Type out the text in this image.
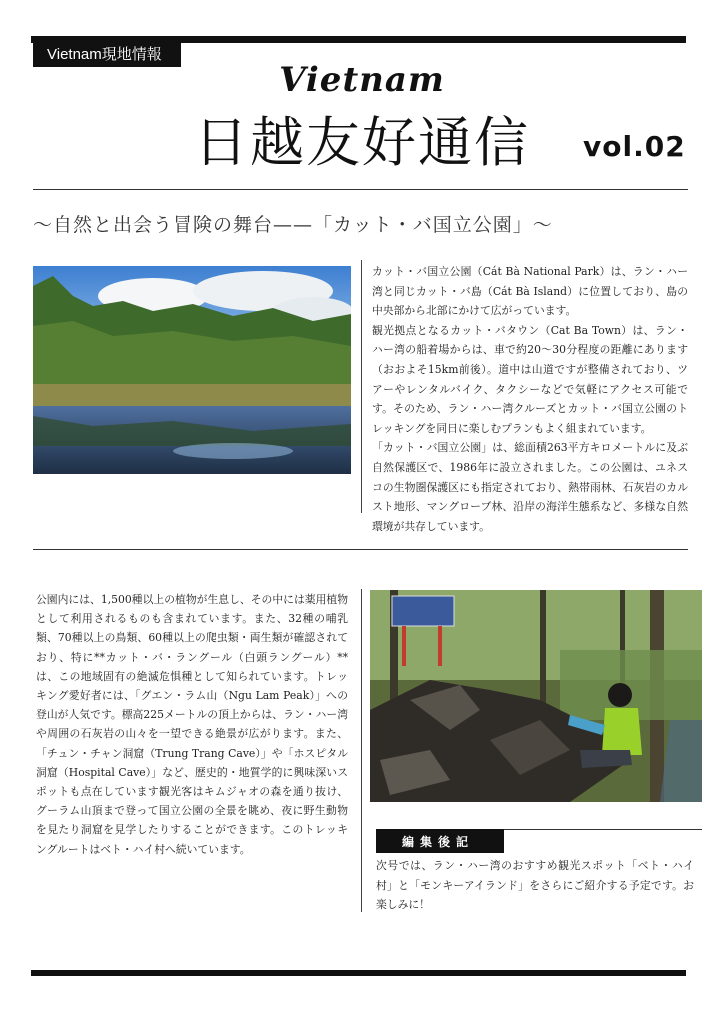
Vietnam現地情報
Vietnam
日越友好通信	vol.02
〜自然と出会う冒険の舞台——「カット・バ国立公園」〜

カット・バ国立公園（Cát Bà National Park）は、ラン・ハー湾と同じカット・バ島（Cát Bà Island）に位置しており、島の中央部から北部にかけて広がっています。

観光拠点となるカット・バタウン（Cat Ba Town）は、ラン・ハー湾の船着場からは、車で約20〜30分程度の距離にあります（おおよそ15km前後）。道中は山道ですが整備されており、ツアーやレンタルバイク、タクシーなどで気軽にアクセス可能です。そのため、ラン・ハー湾クルーズとカット・バ国立公園のトレッキングを同日に楽しむプランもよく組まれています。

「カット・バ国立公園」は、総面積263平方キロメートルに及ぶ自然保護区で、1986年に設立されました。この公園は、ユネスコの生物圏保護区にも指定されており、熱帯雨林、石灰岩のカルスト地形、マングローブ林、沿岸の海洋生態系など、多様な自然環境が共存しています。

公園内には、1,500種以上の植物が生息し、その中には薬用植物として利用されるものも含まれています。また、32種の哺乳類、70種以上の鳥類、60種以上の爬虫類・両生類が確認されており、特に**カット・バ・ラングール（白頭ラングール）**は、この地域固有の絶滅危惧種として知られています。トレッキング愛好者には、「グエン・ラム山（Ngu Lam Peak）」への登山が人気です。標高225メートルの頂上からは、ラン・ハー湾や周囲の石灰岩の山々を一望できる絶景が広がります。また、「チュン・チャン洞窟（Trung Trang Cave）」や「ホスピタル洞窟（Hospital Cave）」など、歴史的・地質学的に興味深いスポットも点在しています観光客はキムジャオの森を通り抜け、グーラム山頂まで登って国立公園の全景を眺め、夜に野生動物を見たり洞窟を見学したりすることができます。このトレッキングルートはベト・ハイ村へ続いています。

編集後記
次号では、ラン・ハー湾のおすすめ観光スポット「ベト・ハイ村」と「モンキーアイランド」をさらにご紹介する予定です。お楽しみに！
